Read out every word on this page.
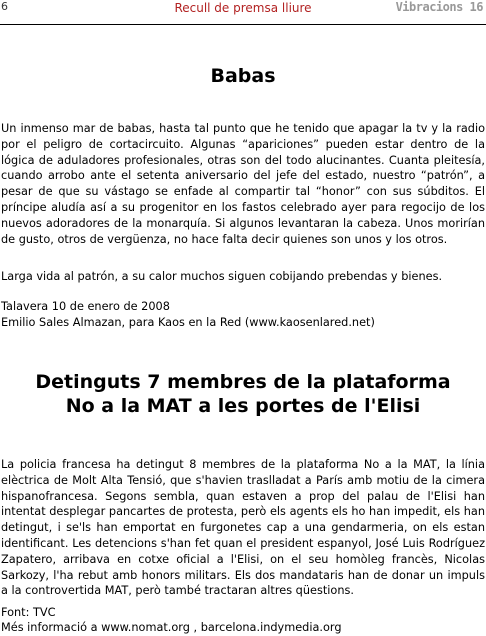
6	Recull de premsa lliure	Vibracions 16
Babas

Un inmenso mar de babas, hasta tal punto que he tenido que apagar la tv y la radio por el peligro de cortacircuito. Algunas “apariciones” pueden estar dentro de la lógica de aduladores profesionales, otras son del todo alucinantes. Cuanta pleitesía, cuando arrobo ante el setenta aniversario del jefe del estado, nuestro “patrón”, a pesar de que su vástago se enfade al compartir tal “honor” con sus súbditos. El príncipe aludía así a su progenitor en los fastos celebrado ayer para regocijo de los nuevos adoradores de la monarquía. Si algunos levantaran la cabeza. Unos morirían de gusto, otros de vergüenza, no hace falta decir quienes son unos y los otros.

Larga vida al patrón, a su calor muchos siguen cobijando prebendas y bienes.
Talavera 10 de enero de 2008
Emilio Sales Almazan, para Kaos en la Red (www.kaosenlared.net)
Detinguts 7 membres de la plataforma
No a la MAT a les portes de l'Elisi

La policia francesa ha detingut 8 membres de la plataforma No a la MAT, la línia elèctrica de Molt Alta Tensió, que s'havien traslladat a París amb motiu de la cimera hispanofrancesa. Segons sembla, quan estaven a prop del palau de l'Elisi han intentat desplegar pancartes de protesta, però els agents els ho han impedit, els han detingut, i se'ls han emportat en furgonetes cap a una gendarmeria, on els estan identificant. Les detencions s'han fet quan el president espanyol, José Luis Rodríguez Zapatero, arribava en cotxe oficial a l'Elisi, on el seu homòleg francès, Nicolas Sarkozy, l'ha rebut amb honors militars. Els dos mandataris han de donar un impuls a la controvertida MAT, però també tractaran altres qüestions.

Font: TVC
Més informació a www.nomat.org , barcelona.indymedia.org
